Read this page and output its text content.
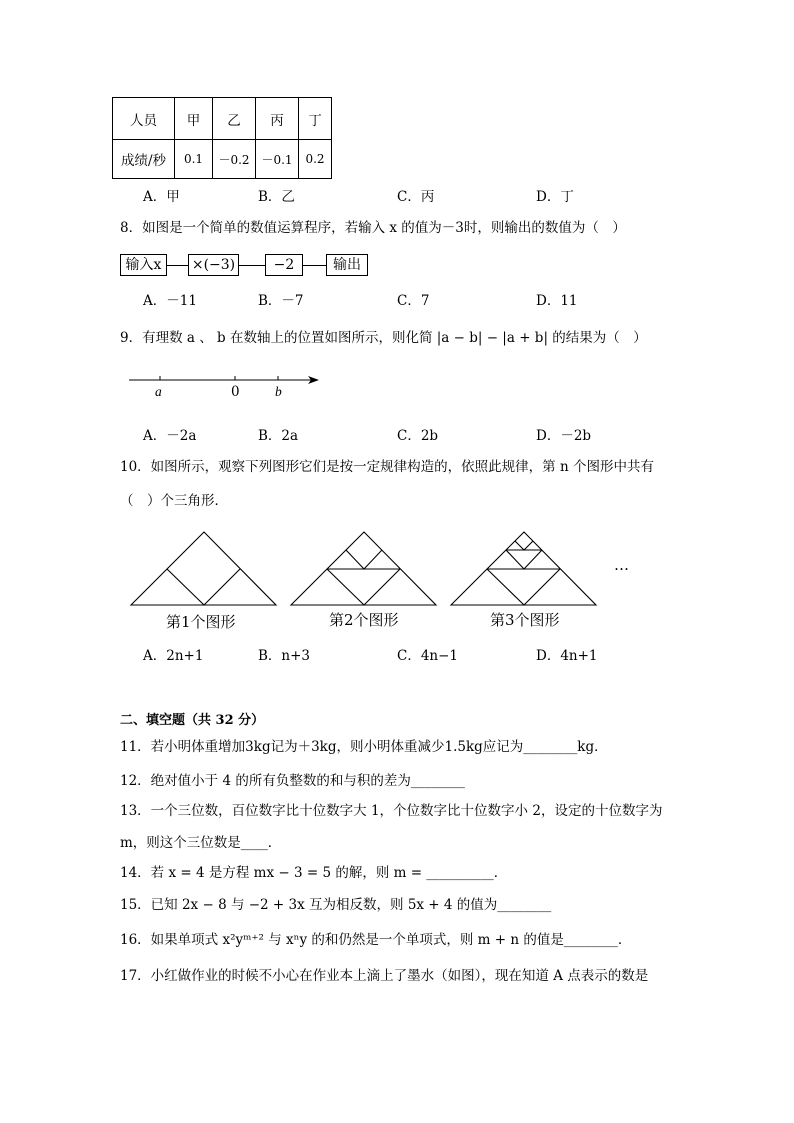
人员	甲	乙	丙	丁
成绩/秒	0.1	－0.2	－0.1	0.2
A．甲	B．乙	C．丙	D．丁
8．如图是一个简单的数值运算程序，若输入 x 的值为－3时，则输出的数值为（　）
输入x	×(−3)	−2	输出
A．－11	B．－7	C．7	D．11
9．有理数 a 、 b 在数轴上的位置如图所示，则化简 |a − b| − |a + b| 的结果为（　）
a	0	b
A．－2a	B．2a	C．2b	D．－2b
10．如图所示，观察下列图形它们是按一定规律构造的，依照此规律，第 n 个图形中共有
（　）个三角形．
…
第1个图形	第2个图形	第3个图形
A．2n+1	B．n+3	C．4n−1	D．4n+1
二、填空题（共 32 分）
11．若小明体重增加3kg记为＋3kg，则小明体重减少1.5kg应记为________kg．
12．绝对值小于 4 的所有负整数的和与积的差为________
13．一个三位数，百位数字比十位数字大 1，个位数字比十位数字小 2，设定的十位数字为
m，则这个三位数是____．
14．若 x = 4 是方程 mx − 3 = 5 的解，则 m = __________．
15．已知 2x − 8 与 −2 + 3x 互为相反数，则 5x + 4 的值为________
16．如果单项式 x²yᵐ⁺² 与 xⁿy 的和仍然是一个单项式，则 m + n 的值是________．
17．小红做作业的时候不小心在作业本上滴上了墨水（如图），现在知道 A 点表示的数是
